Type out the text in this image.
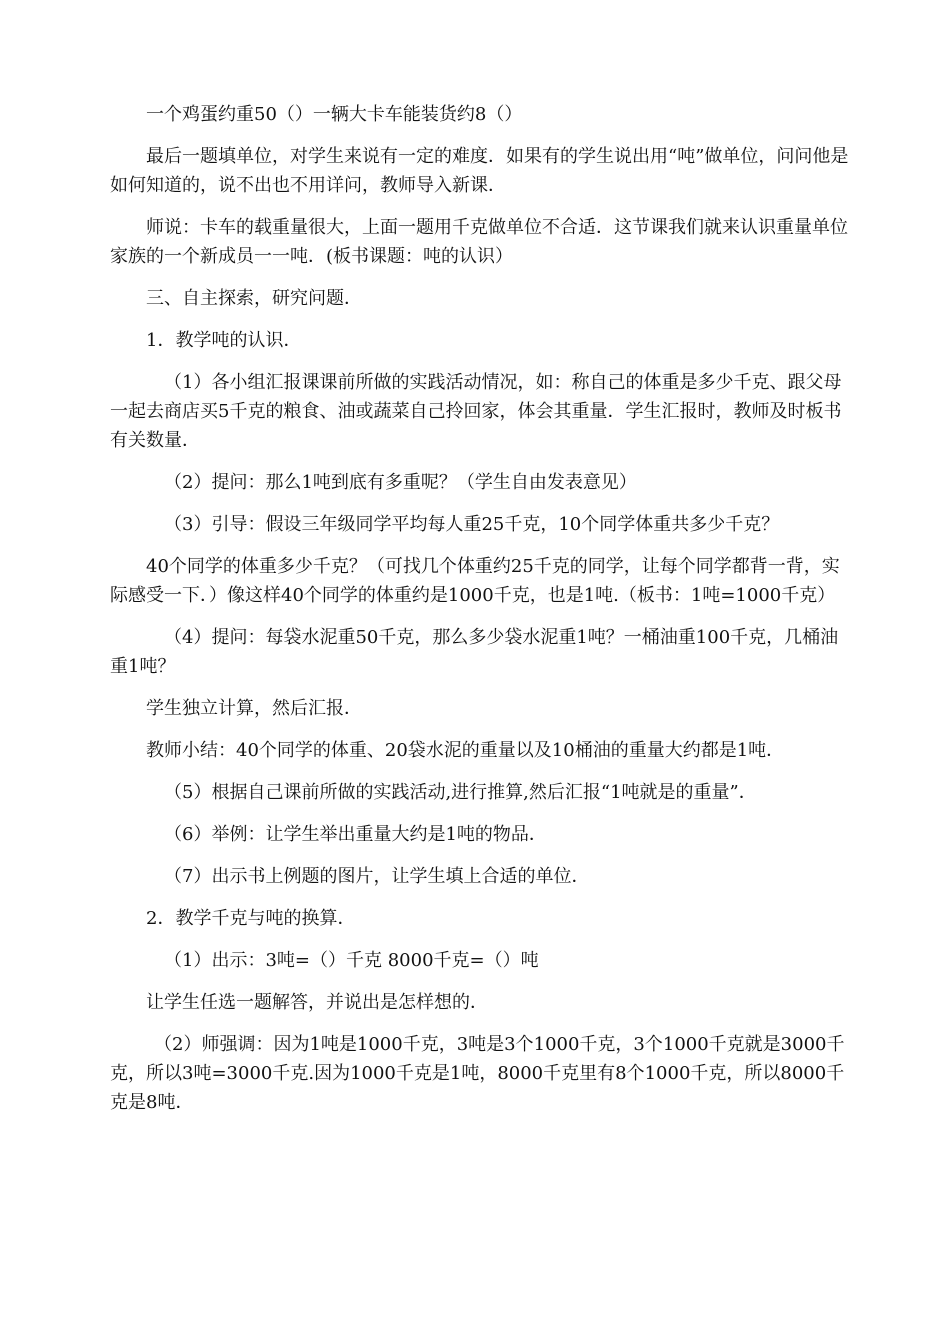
一个鸡蛋约重50（）一辆大卡车能装货约8（）

最后一题填单位，对学生来说有一定的难度．如果有的学生说出用“吨”做单位，问问他是如何知道的，说不出也不用详问，教师导入新课．

师说：卡车的载重量很大，上面一题用千克做单位不合适．这节课我们就来认识重量单位家族的一个新成员一一吨．(板书课题：吨的认识）

三、自主探索，研究问题．

1．教学吨的认识．

（1）各小组汇报课课前所做的实践活动情况，如：称自己的体重是多少千克、跟父母一起去商店买5千克的粮食、油或蔬菜自己拎回家，体会其重量．学生汇报时，教师及时板书有关数量．

（2）提问：那么1吨到底有多重呢？（学生自由发表意见）

（3）引导：假设三年级同学平均每人重25千克，10个同学体重共多少千克？

40个同学的体重多少千克？（可找几个体重约25千克的同学，让每个同学都背一背，实际感受一下．）像这样40个同学的体重约是1000千克，也是1吨.（板书：1吨=1000千克）

（4）提问：每袋水泥重50千克，那么多少袋水泥重1吨？一桶油重100千克，几桶油重1吨？

学生独立计算，然后汇报．

教师小结：40个同学的体重、20袋水泥的重量以及10桶油的重量大约都是1吨．

（5）根据自己课前所做的实践活动,进行推算,然后汇报“1吨就是的重量”．

（6）举例：让学生举出重量大约是1吨的物品．

（7）出示书上例题的图片，让学生填上合适的单位．

2．教学千克与吨的换算．

（1）出示：3吨=（）千克 8000千克=（）吨

让学生任选一题解答，并说出是怎样想的．

（2）师强调：因为1吨是1000千克，3吨是3个1000千克，3个1000千克就是3000千克，所以3吨=3000千克.因为1000千克是1吨，8000千克里有8个1000千克，所以8000千克是8吨．
